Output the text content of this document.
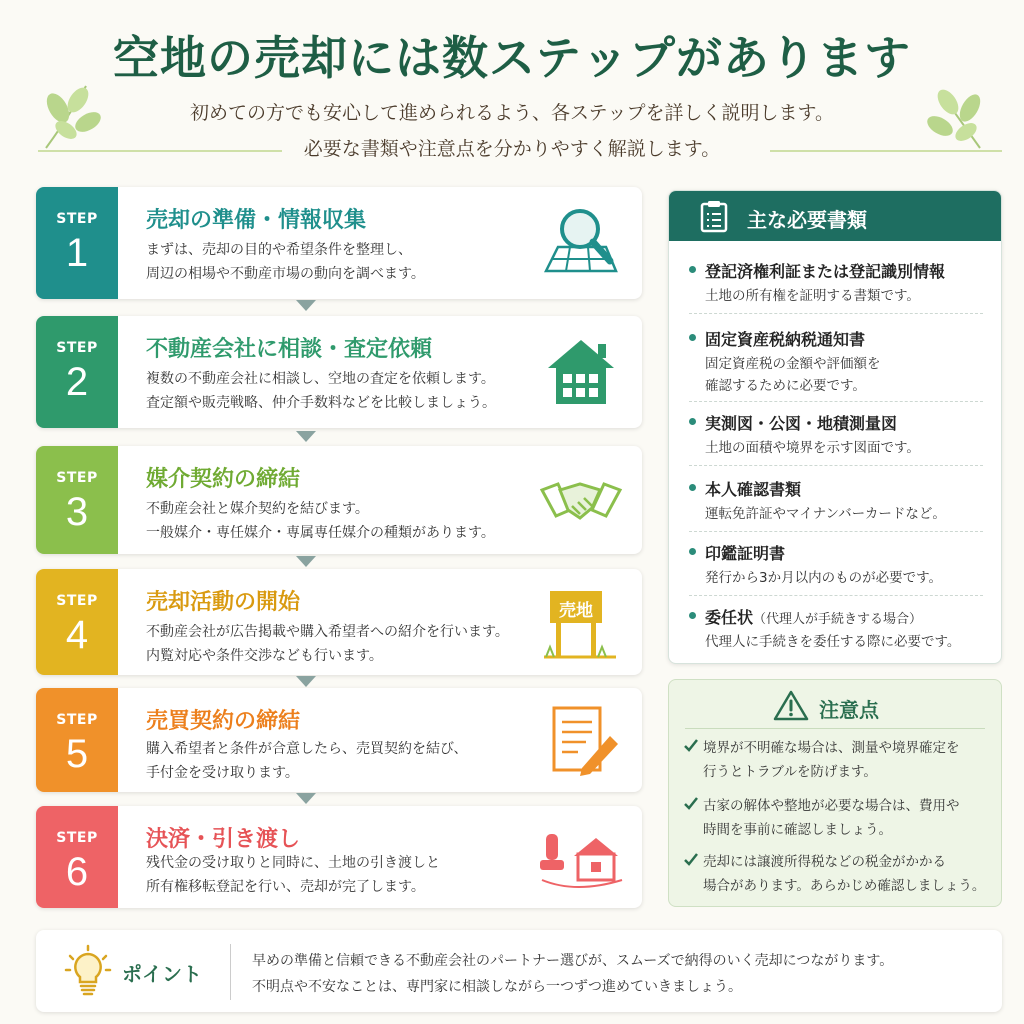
空地の売却には数ステップがあります
初めての方でも安心して進められるよう、各ステップを詳しく説明します。
必要な書類や注意点を分かりやすく解説します。
STEP
1
売却の準備・情報収集
まずは、売却の目的や希望条件を整理し、
周辺の相場や不動産市場の動向を調べます。
STEP
2
不動産会社に相談・査定依頼
複数の不動産会社に相談し、空地の査定を依頼します。
査定額や販売戦略、仲介手数料などを比較しましょう。
STEP
3
媒介契約の締結
不動産会社と媒介契約を結びます。
一般媒介・専任媒介・専属専任媒介の種類があります。
STEP
4
売却活動の開始
不動産会社が広告掲載や購入希望者への紹介を行います。
内覧対応や条件交渉なども行います。
売地
STEP
5
売買契約の締結
購入希望者と条件が合意したら、売買契約を結び、
手付金を受け取ります。
STEP
6
決済・引き渡し
残代金の受け取りと同時に、土地の引き渡しと
所有権移転登記を行い、売却が完了します。
主な必要書類
登記済権利証または登記識別情報
土地の所有権を証明する書類です。
固定資産税納税通知書
固定資産税の金額や評価額を
確認するために必要です。
実測図・公図・地積測量図
土地の面積や境界を示す図面です。
本人確認書類
運転免許証やマイナンバーカードなど。
印鑑証明書
発行から3か月以内のものが必要です。
委任状（代理人が手続きする場合）
代理人に手続きを委任する際に必要です。
注意点
境界が不明確な場合は、測量や境界確定を
行うとトラブルを防げます。
古家の解体や整地が必要な場合は、費用や
時間を事前に確認しましょう。
売却には譲渡所得税などの税金がかかる
場合があります。あらかじめ確認しましょう。
ポイント
早めの準備と信頼できる不動産会社のパートナー選びが、スムーズで納得のいく売却につながります。
不明点や不安なことは、専門家に相談しながら一つずつ進めていきましょう。
